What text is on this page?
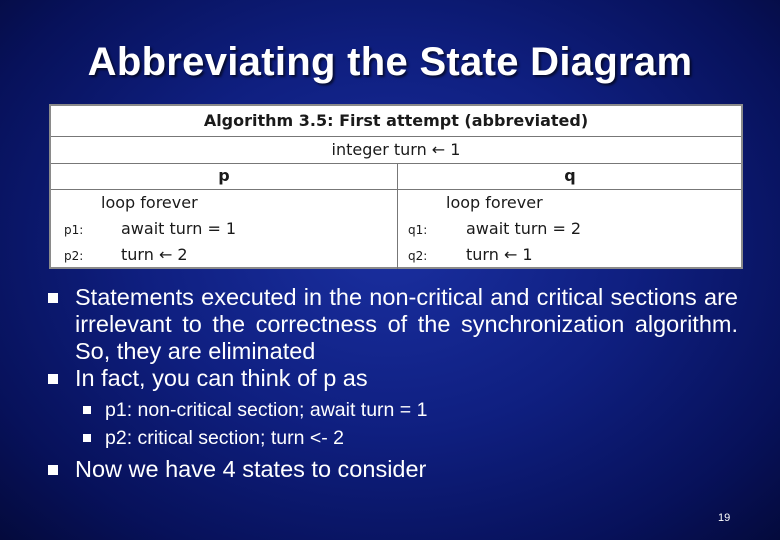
Abbreviating the State Diagram
Algorithm 3.5: First attempt (abbreviated)
integer turn ← 1
p	q
loop forever
p1: await turn = 1
p2: turn ← 2
loop forever
q1: await turn = 2
q2: turn ← 1
Statements executed in the non-critical and critical sections are irrelevant to the correctness of the synchronization algorithm. So, they are eliminated
In fact, you can think of p as
p1: non-critical section; await turn = 1
p2: critical section; turn <- 2
Now we have 4 states to consider
19
